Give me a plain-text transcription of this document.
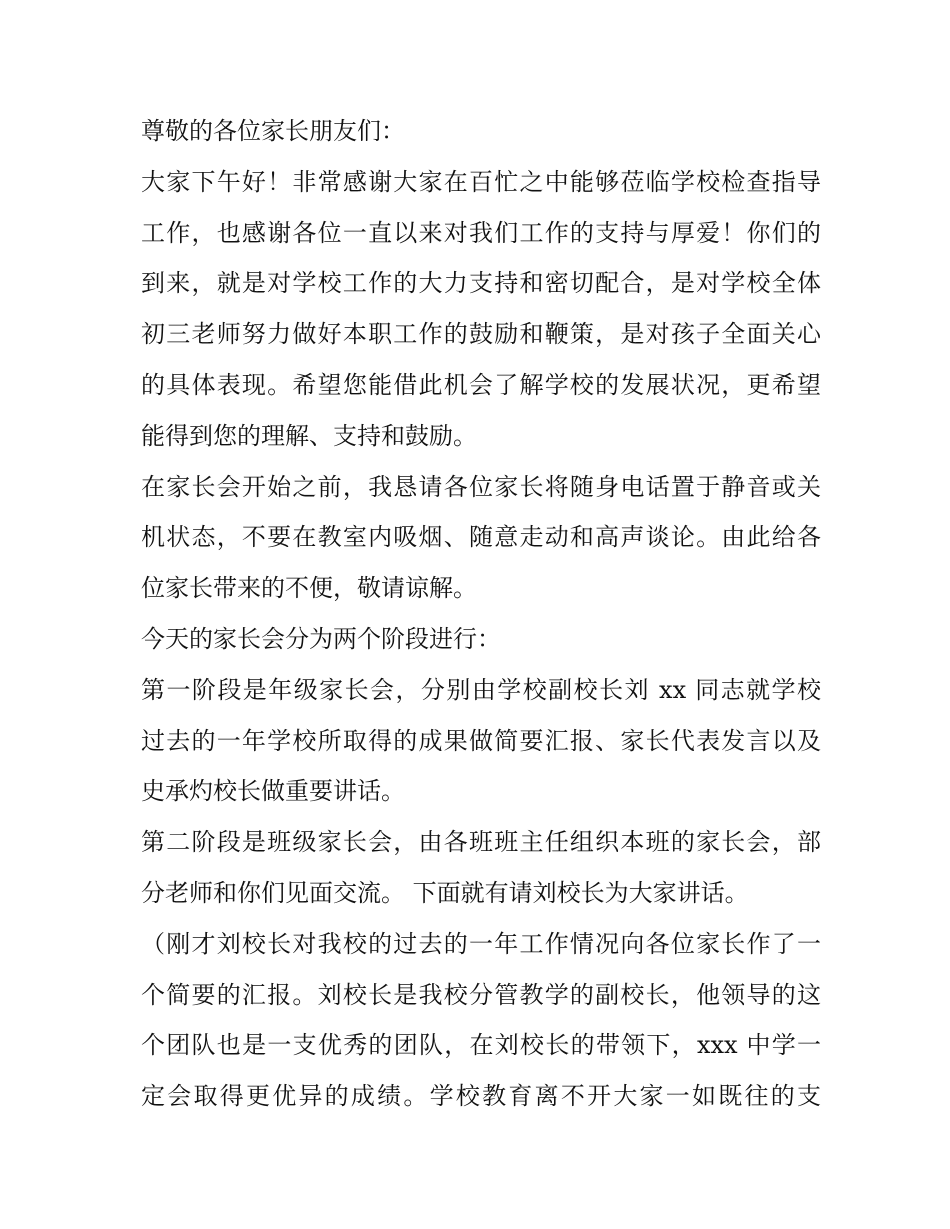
尊敬的各位家长朋友们：
大家下午好！非常感谢大家在百忙之中能够莅临学校检查指导
工作，也感谢各位一直以来对我们工作的支持与厚爱！你们的
到来，就是对学校工作的大力支持和密切配合，是对学校全体
初三老师努力做好本职工作的鼓励和鞭策，是对孩子全面关心
的具体表现。希望您能借此机会了解学校的发展状况，更希望
能得到您的理解、支持和鼓励。
在家长会开始之前，我恳请各位家长将随身电话置于静音或关
机状态，不要在教室内吸烟、随意走动和高声谈论。由此给各
位家长带来的不便，敬请谅解。
今天的家长会分为两个阶段进行：
第一阶段是年级家长会，分别由学校副校长刘 xx 同志就学校
过去的一年学校所取得的成果做简要汇报、家长代表发言以及
史承灼校长做重要讲话。
第二阶段是班级家长会，由各班班主任组织本班的家长会，部
分老师和你们见面交流。 下面就有请刘校长为大家讲话。
（刚才刘校长对我校的过去的一年工作情况向各位家长作了一
个简要的汇报。刘校长是我校分管教学的副校长，他领导的这
个团队也是一支优秀的团队，在刘校长的带领下，xxx 中学一
定会取得更优异的成绩。学校教育离不开大家一如既往的支
